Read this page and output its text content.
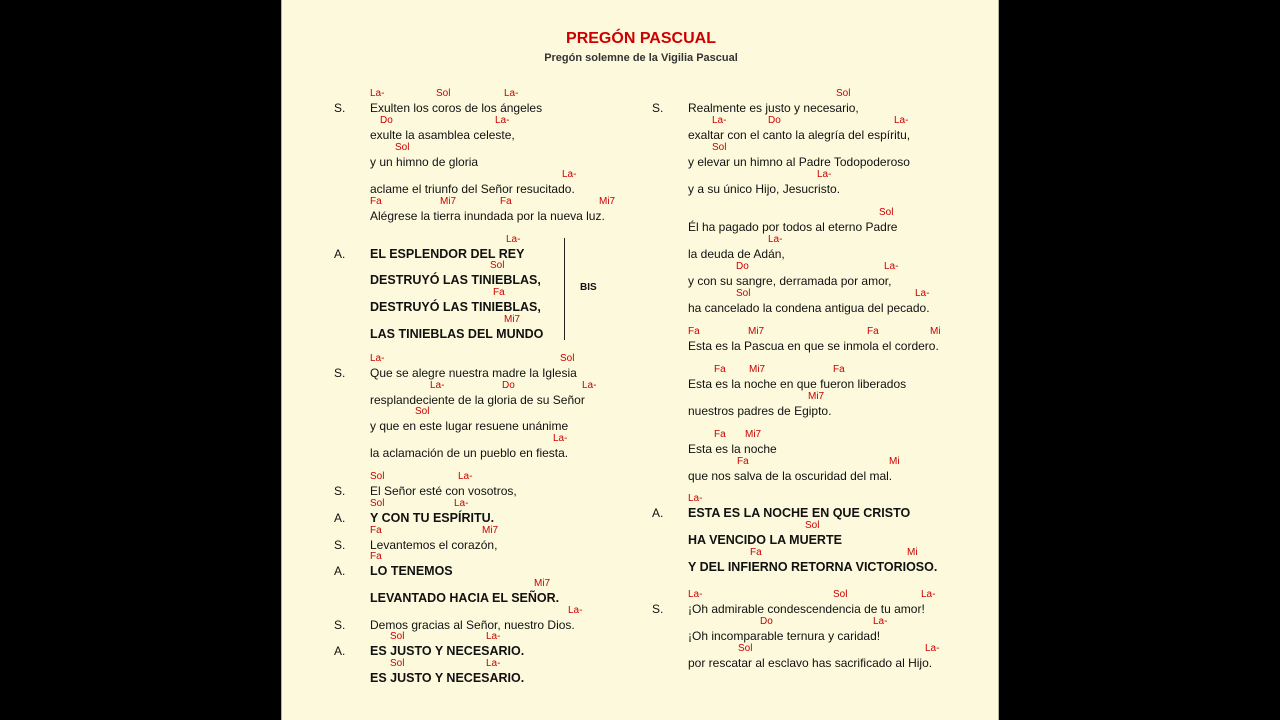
PREGÓN PASCUAL
Pregón solemne de la Vigilia Pascual
BIS
S. Exulten los coros de los ángeles
La-	Sol	La-
exulte la asamblea celeste,
Do	La-
y un himno de gloria
Sol
aclame el triunfo del Señor resucitado.
La-
Alégrese la tierra inundada por la nueva luz.
Fa	Mi7	Fa	Mi7
A. EL ESPLENDOR DEL REY
La-
DESTRUYÓ LAS TINIEBLAS,
Sol
DESTRUYÓ LAS TINIEBLAS,
Fa
LAS TINIEBLAS DEL MUNDO
Mi7
S. Que se alegre nuestra madre la Iglesia
La-	Sol
resplandeciente de la gloria de su Señor
La-	Do	La-
y que en este lugar resuene unánime
Sol
la aclamación de un pueblo en fiesta.
La-
S. El Señor esté con vosotros,
Sol	La-
A. Y CON TU ESPÍRITU.
Sol	La-
S. Levantemos el corazón,
Fa	Mi7
A. LO TENEMOS
Fa
LEVANTADO HACIA EL SEÑOR.
Mi7
S. Demos gracias al Señor, nuestro Dios.
La-
A. ES JUSTO Y NECESARIO.
Sol	La-
ES JUSTO Y NECESARIO.
Sol	La-
S. Realmente es justo y necesario,
Sol
exaltar con el canto la alegría del espíritu,
La-	Do	La-
y elevar un himno al Padre Todopoderoso
Sol
y a su único Hijo, Jesucristo.
La-
Él ha pagado por todos al eterno Padre
Sol
la deuda de Adán,
La-
y con su sangre, derramada por amor,
Do	La-
ha cancelado la condena antigua del pecado.
Sol	La-
Esta es la Pascua en que se inmola el cordero.
Fa	Mi7	Fa	Mi
Esta es la noche en que fueron liberados
Fa Mi7	Fa
nuestros padres de Egipto.
Mi7
Esta es la noche
Fa Mi7
que nos salva de la oscuridad del mal.
Fa	Mi
A. ESTA ES LA NOCHE EN QUE CRISTO
La-
HA VENCIDO LA MUERTE
Sol
Y DEL INFIERNO RETORNA VICTORIOSO.
Fa	Mi
S. ¡Oh admirable condescendencia de tu amor!
La-	Sol	La-
¡Oh incomparable ternura y caridad!
Do	La-
por rescatar al esclavo has sacrificado al Hijo.
Sol	La-
